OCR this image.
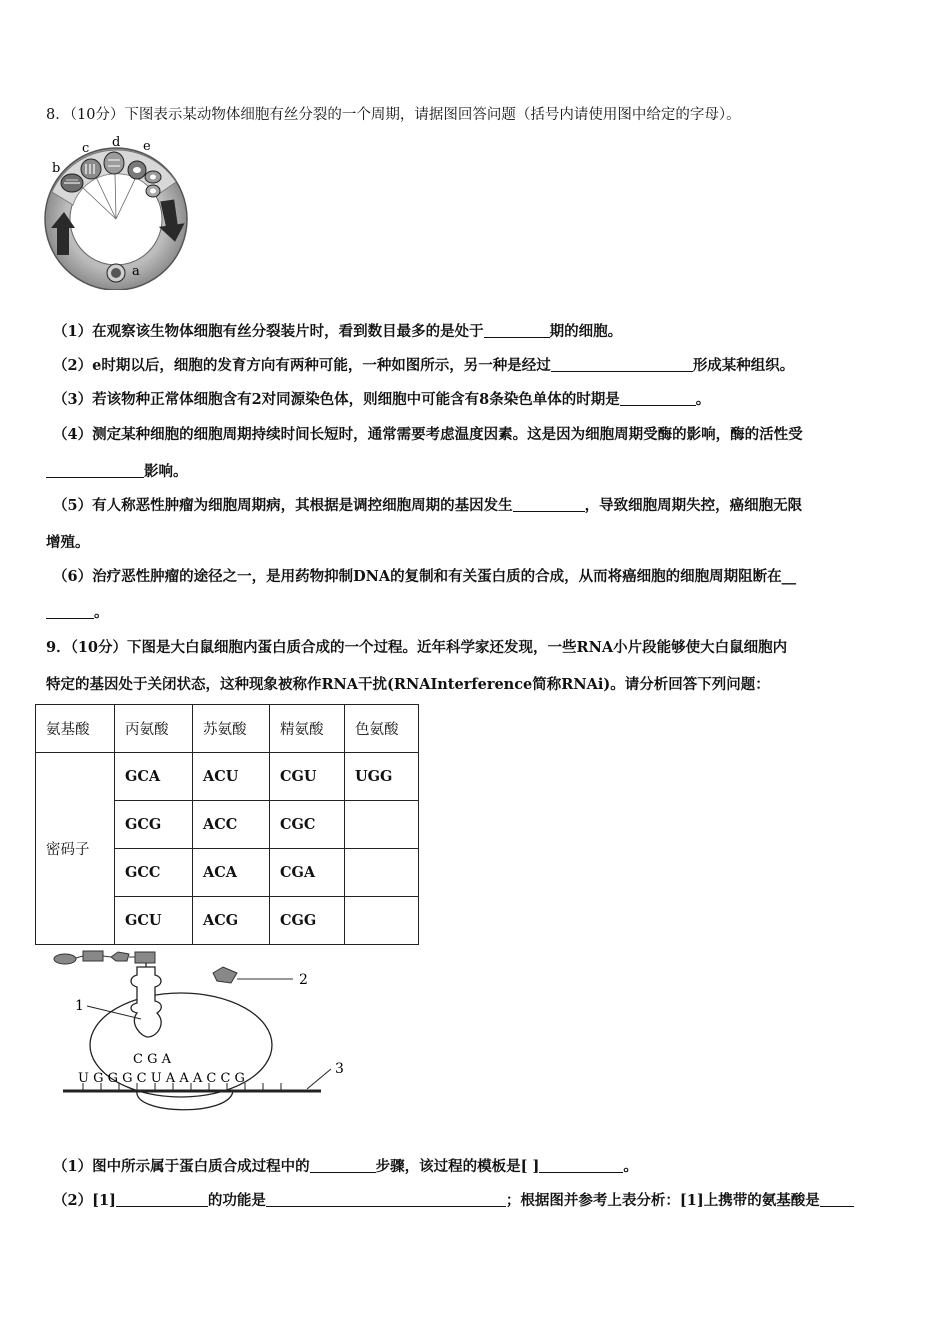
8．（10分）下图表示某动物体细胞有丝分裂的一个周期，请据图回答问题（括号内请使用图中给定的字母）。
b
c d e
a
（1）在观察该生物体细胞有丝分裂装片时，看到数目最多的是处于	期的细胞。
（2）e时期以后，细胞的发育方向有两种可能，一种如图所示，另一种是经过	形成某种组织。
（3）若该物种正常体细胞含有2对同源染色体，则细胞中可能含有8条染色单体的时期是	。
（4）测定某种细胞的细胞周期持续时间长短时，通常需要考虑温度因素。这是因为细胞周期受酶的影响，酶的活性受
影响。
（5）有人称恶性肿瘤为细胞周期病，其根据是调控细胞周期的基因发生	，导致细胞周期失控，癌细胞无限
增殖。
（6）治疗恶性肿瘤的途径之一，是用药物抑制DNA的复制和有关蛋白质的合成，从而将癌细胞的细胞周期阻断在__
。
9．（10分）下图是大白鼠细胞内蛋白质合成的一个过程。近年科学家还发现，一些RNA小片段能够使大白鼠细胞内
特定的基因处于关闭状态，这种现象被称作RNA干扰(RNAInterference简称RNAi)。请分析回答下列问题：
氨基酸	丙氨酸	苏氨酸	精氨酸	色氨酸
密码子	GCA	ACU	CGU	UGG
	GCG	ACC	CGC	
	GCC	ACA	CGA	
	GCU	ACG	CGG	
2
1
C G A
U G G G C U A A A C C G
3
（1）图中所示属于蛋白质合成过程中的	步骤，该过程的模板是[ ]	。
（2）[1]	的功能是	；根据图并参考上表分析：[1]上携带的氨基酸是
